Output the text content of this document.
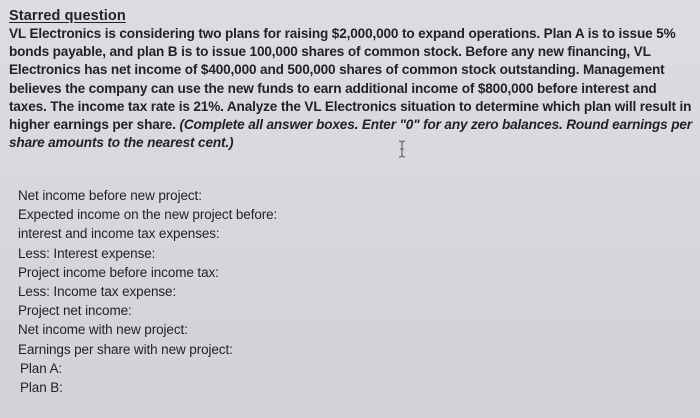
Starred question

VL Electronics is considering two plans for raising $2,000,000 to expand operations. Plan A is to issue 5% bonds payable, and plan B is to issue 100,000 shares of common stock. Before any new financing, VL Electronics has net income of $400,000 and 500,000 shares of common stock outstanding. Management believes the company can use the new funds to earn additional income of $800,000 before interest and taxes. The income tax rate is 21%. Analyze the VL Electronics situation to determine which plan will result in higher earnings per share. (Complete all answer boxes. Enter "0" for any zero balances. Round earnings per share amounts to the nearest cent.)

Net income before new project:
Expected income on the new project before:
interest and income tax expenses:
Less: Interest expense:
Project income before income tax:
Less: Income tax expense:
Project net income:
Net income with new project:
Earnings per share with new project:
Plan A:
Plan B:
